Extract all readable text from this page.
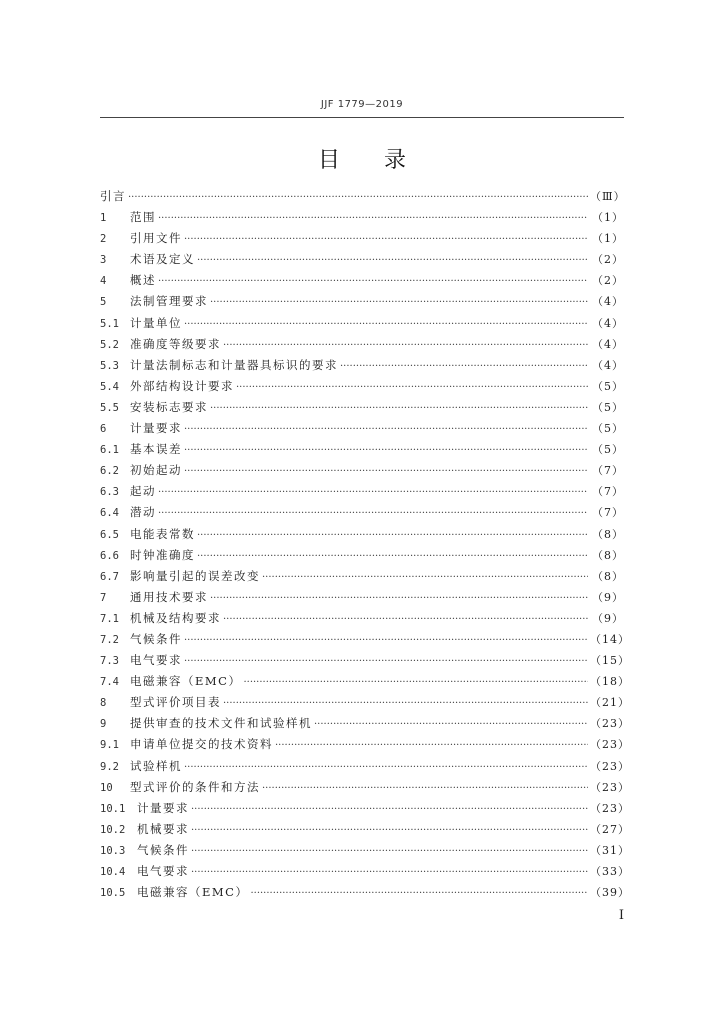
JJF 1779—2019
目录
引言 ·····	（Ⅲ）
1	范围 ·····	（1）
2	引用文件 ·····	（1）
3	术语及定义 ·····	（2）
4	概述 ·····	（2）
5	法制管理要求 ·····	（4）
5.1 计量单位 ·····	（4）
5.2 准确度等级要求 ·····	（4）
5.3 计量法制标志和计量器具标识的要求 ·····	（4）
5.4 外部结构设计要求 ·····	（5）
5.5 安装标志要求 ·····	（5）
6	计量要求 ·····	（5）
6.1 基本误差 ·····	（5）
6.2 初始起动 ·····	（7）
6.3 起动 ·····	（7）
6.4 潜动 ·····	（7）
6.5 电能表常数 ·····	（8）
6.6 时钟准确度 ·····	（8）
6.7 影响量引起的误差改变 ·····	（8）
7	通用技术要求 ·····	（9）
7.1 机械及结构要求 ·····	（9）
7.2 气候条件 ·····	（14）
7.3 电气要求 ·····	（15）
7.4 电磁兼容（EMC） ·····	（18）
8	型式评价项目表 ·····	（21）
9	提供审查的技术文件和试验样机 ·····	（23）
9.1 申请单位提交的技术资料 ·····	（23）
9.2 试验样机 ·····	（23）
10	型式评价的条件和方法 ·····	（23）
10.1	计量要求 ·····	（23）
10.2	机械要求 ·····	（27）
10.3	气候条件 ·····	（31）
10.4	电气要求 ·····	（33）
10.5	电磁兼容（EMC） ·····	（39）
I
